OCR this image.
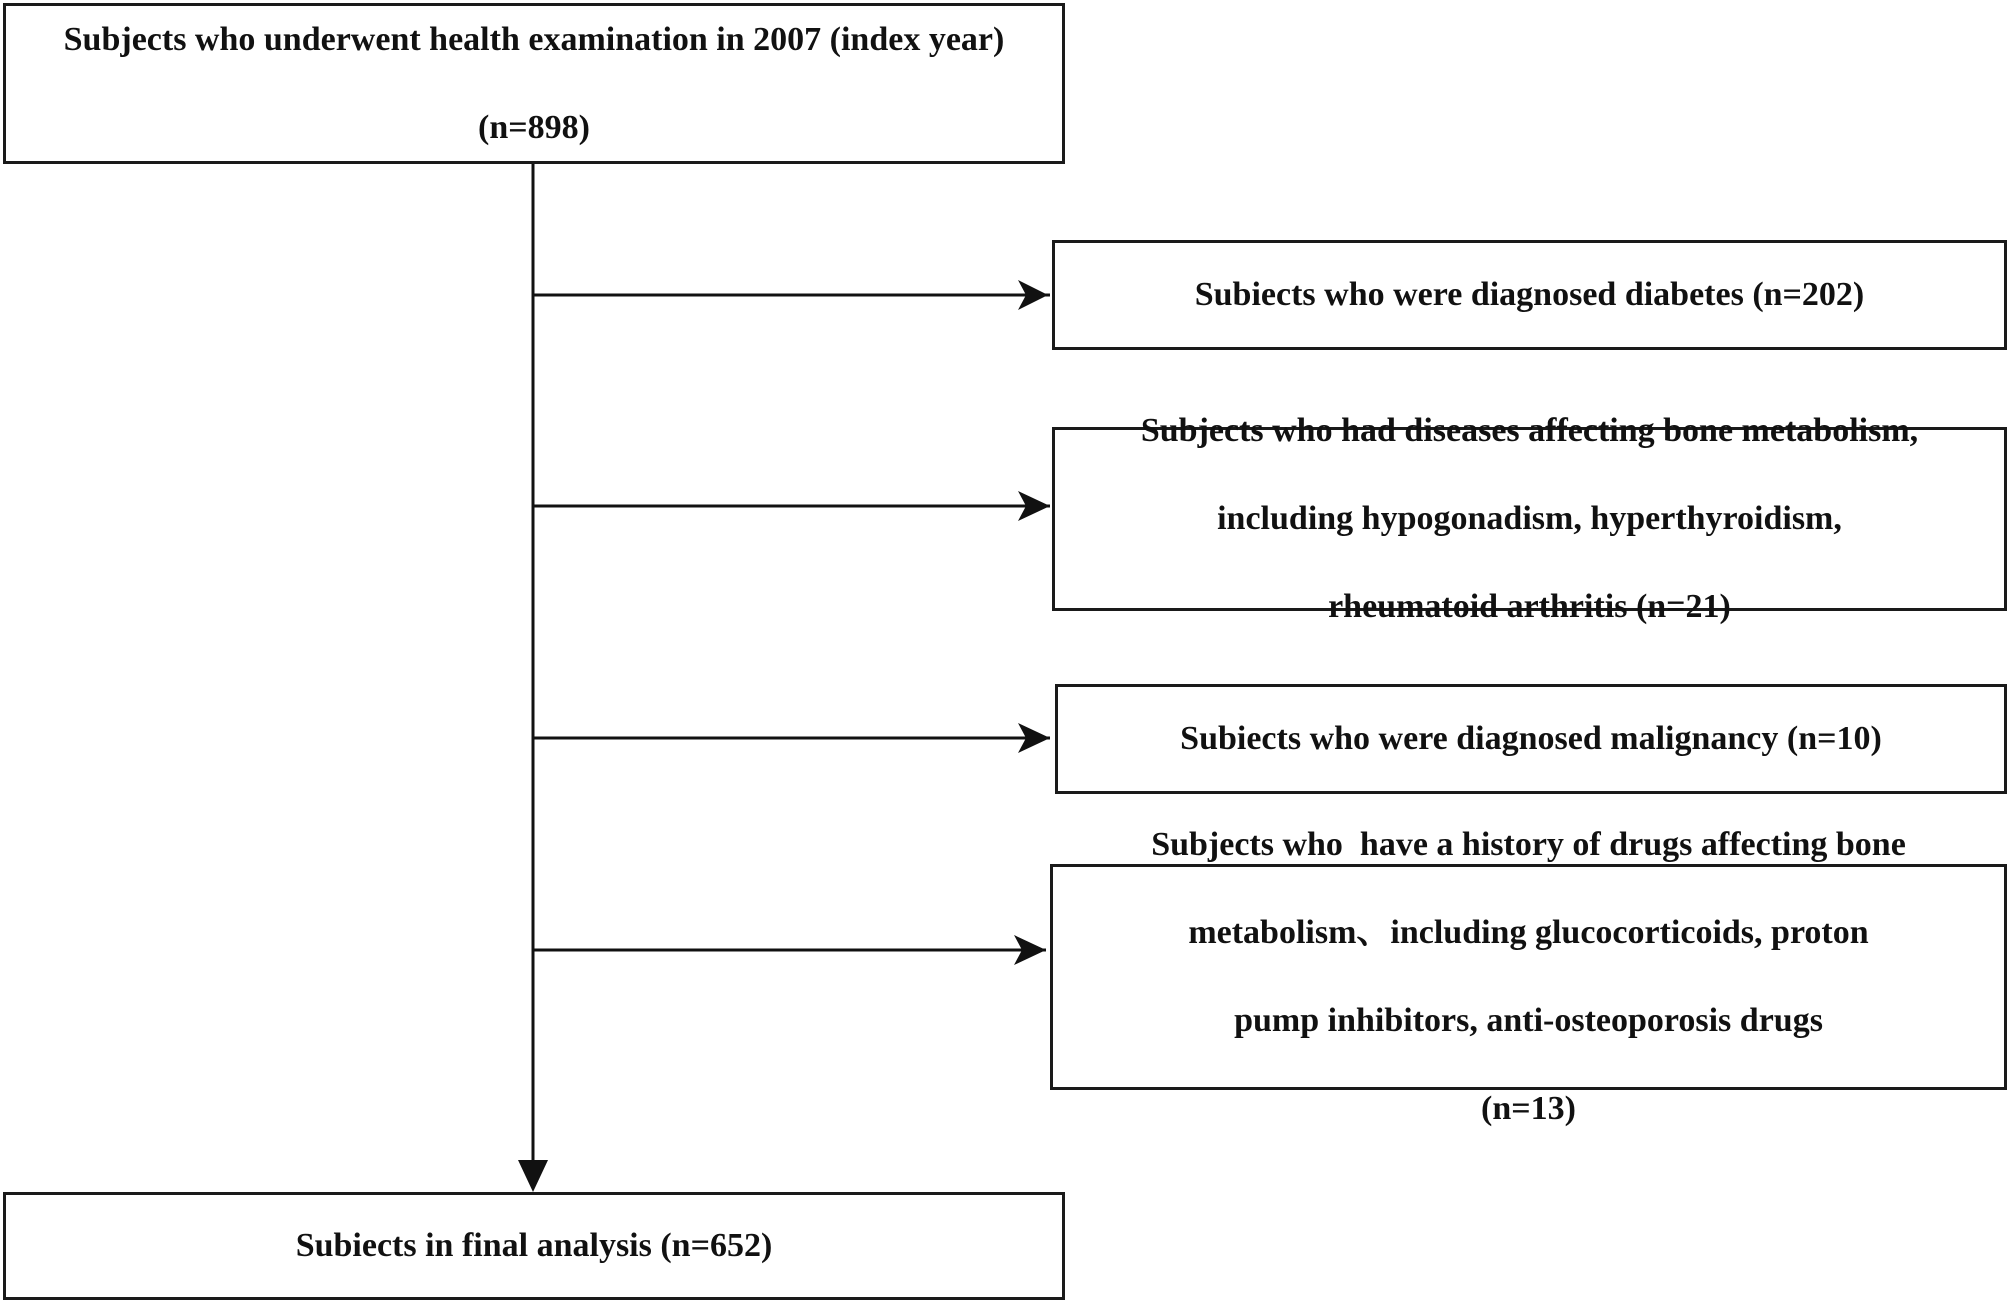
Subjects who underwent health examination in 2007 (index year)

(n=898)

Subiects who were diagnosed diabetes (n=202)

Subjects who had diseases affecting bone metabolism,

including hypogonadism, hyperthyroidism,

rheumatoid arthritis (n=21)

Subiects who were diagnosed malignancy (n=10)

Subjects who  have a history of drugs affecting bone

metabolism、including glucocorticoids, proton

pump inhibitors, anti-osteoporosis drugs

(n=13)

Subiects in final analysis (n=652)
